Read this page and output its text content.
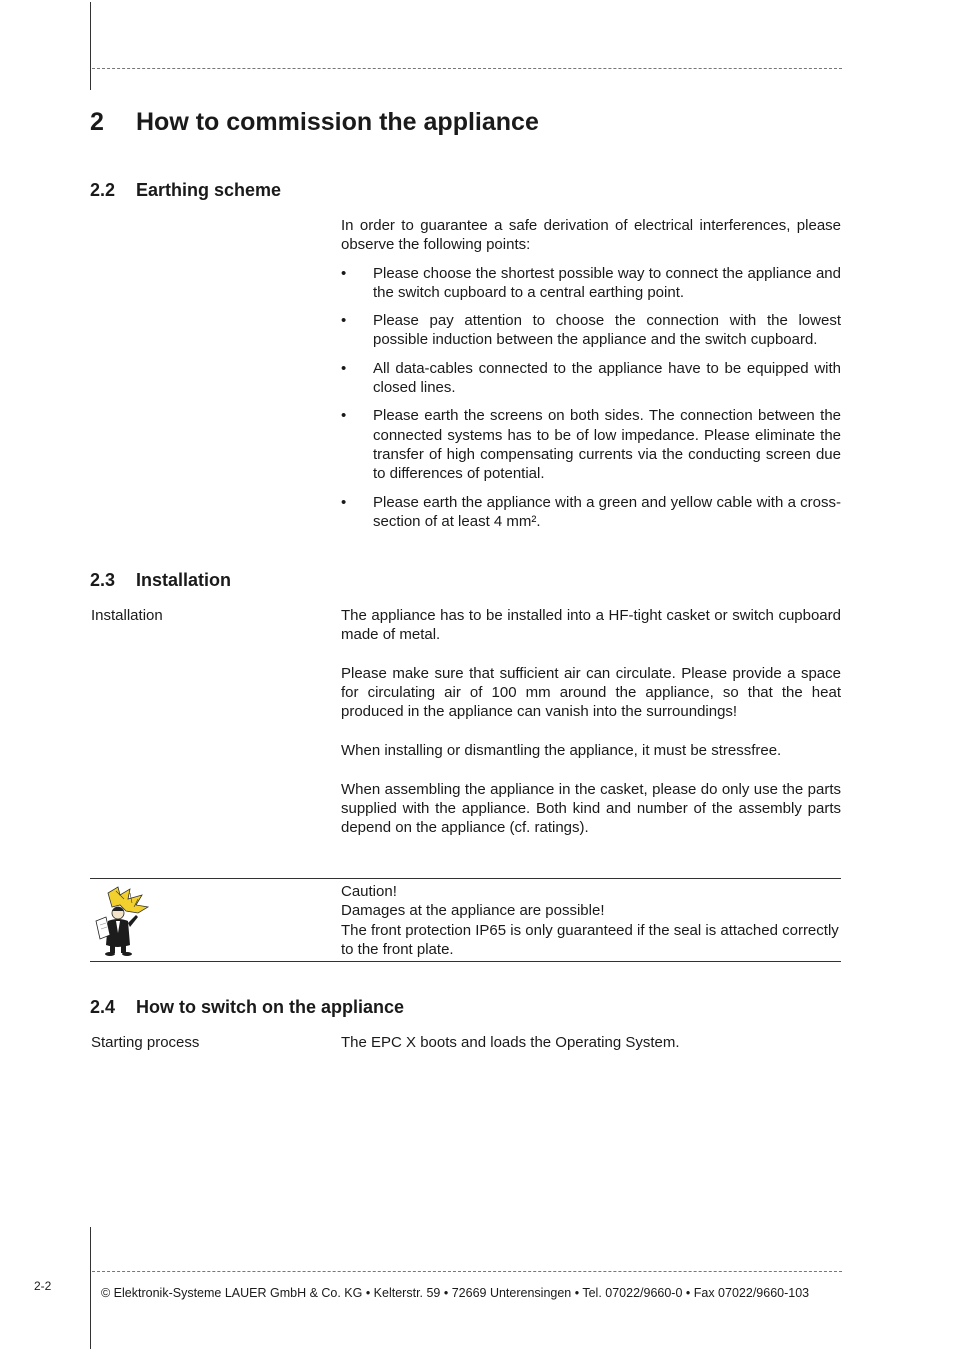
2 How to commission the appliance
2.2 Earthing scheme

In order to guarantee a safe derivation of electrical interferences, please observe the following points:

• Please choose the shortest possible way to connect the appliance and the switch cupboard to a central earthing point.
• Please pay attention to choose the connection with the lowest possible induction between the appliance and the switch cupboard.
• All data-cables connected to the appliance have to be equipped with closed lines.
• Please earth the screens on both sides. The connection between the connected systems has to be of low impedance. Please eliminate the transfer of high compensating currents via the conducting screen due to differences of potential.
• Please earth the appliance with a green and yellow cable with a cross-section of at least 4 mm².
2.3 Installation
Installation	The appliance has to be installed into a HF-tight casket or switch cupboard made of metal.

Please make sure that sufficient air can circulate. Please provide a space for circulating air of 100 mm around the appliance, so that the heat produced in the appliance can vanish into the surroundings!

When installing or dismantling the appliance, it must be stressfree.

When assembling the appliance in the casket, please do only use the parts supplied with the appliance. Both kind and number of the assembly parts depend on the appliance (cf. ratings).

Caution!
Damages at the appliance are possible!
The front protection IP65 is only guaranteed if the seal is attached correctly to the front plate.
2.4 How to switch on the appliance
Starting process	The EPC X boots and loads the Operating System.
2-2	© Elektronik-Systeme LAUER GmbH & Co. KG • Kelterstr. 59 • 72669 Unterensingen • Tel. 07022/9660-0 • Fax 07022/9660-103
